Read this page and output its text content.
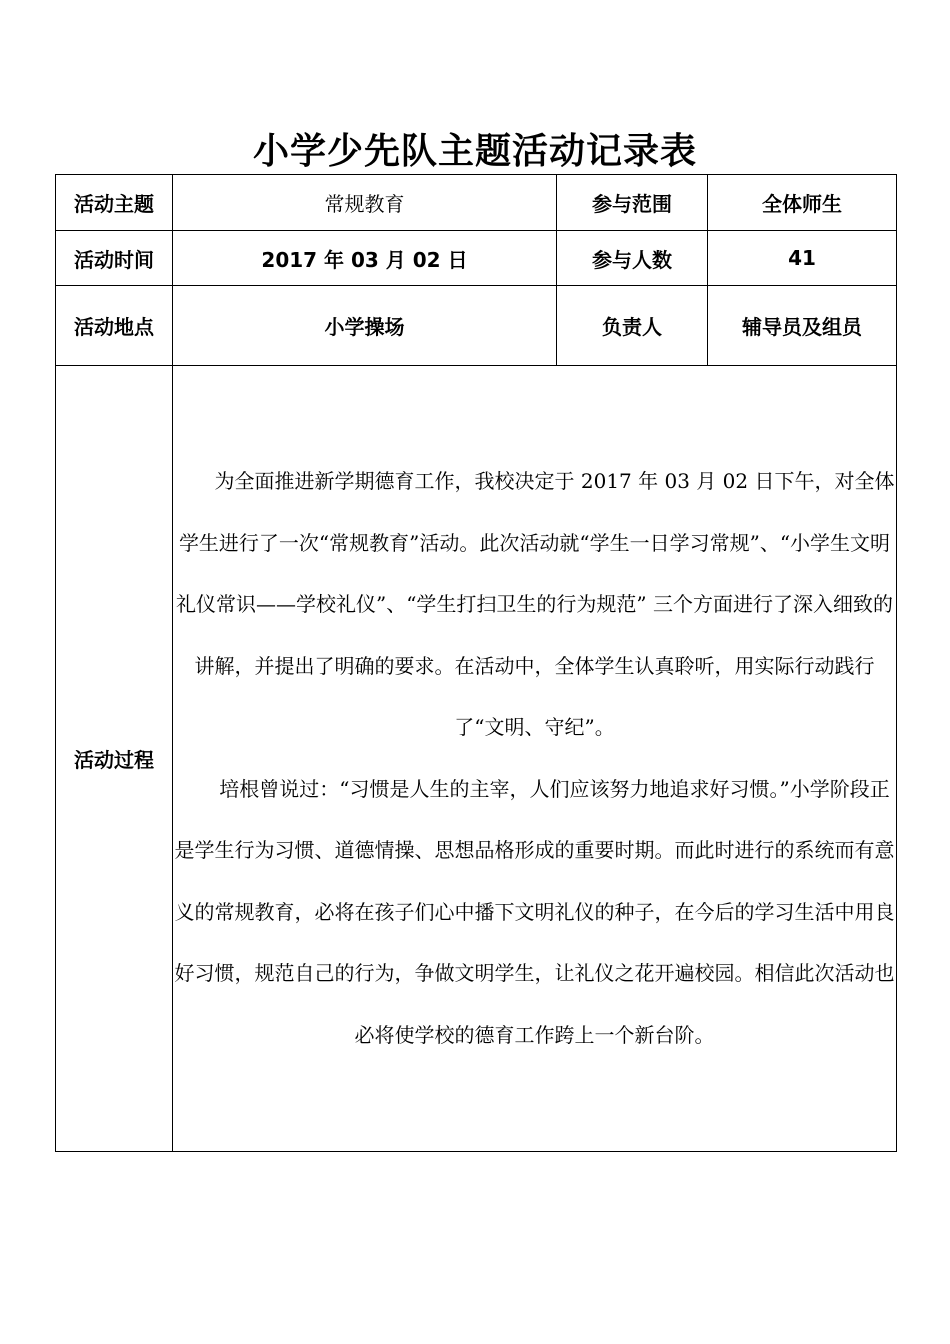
小学少先队主题活动记录表
活动主题	常规教育	参与范围	全体师生
活动时间	2017 年 03 月 02 日	参与人数	41
活动地点	小学操场	负责人	辅导员及组员
活动过程	为全面推进新学期德育工作，我校决定于 2017 年 03 月 02 日下午，对全体学生进行了一次“常规教育”活动。此次活动就“学生一日学习常规”、“小学生文明礼仪常识——学校礼仪”、“学生打扫卫生的行为规范” 三个方面进行了深入细致的讲解，并提出了明确的要求。在活动中，全体学生认真聆听，用实际行动践行了“文明、守纪”。

培根曾说过：“习惯是人生的主宰，人们应该努力地追求好习惯。”小学阶段正是学生行为习惯、道德情操、思想品格形成的重要时期。而此时进行的系统而有意义的常规教育，必将在孩子们心中播下文明礼仪的种子，在今后的学习生活中用良好习惯，规范自己的行为，争做文明学生，让礼仪之花开遍校园。相信此次活动也必将使学校的德育工作跨上一个新台阶。		
